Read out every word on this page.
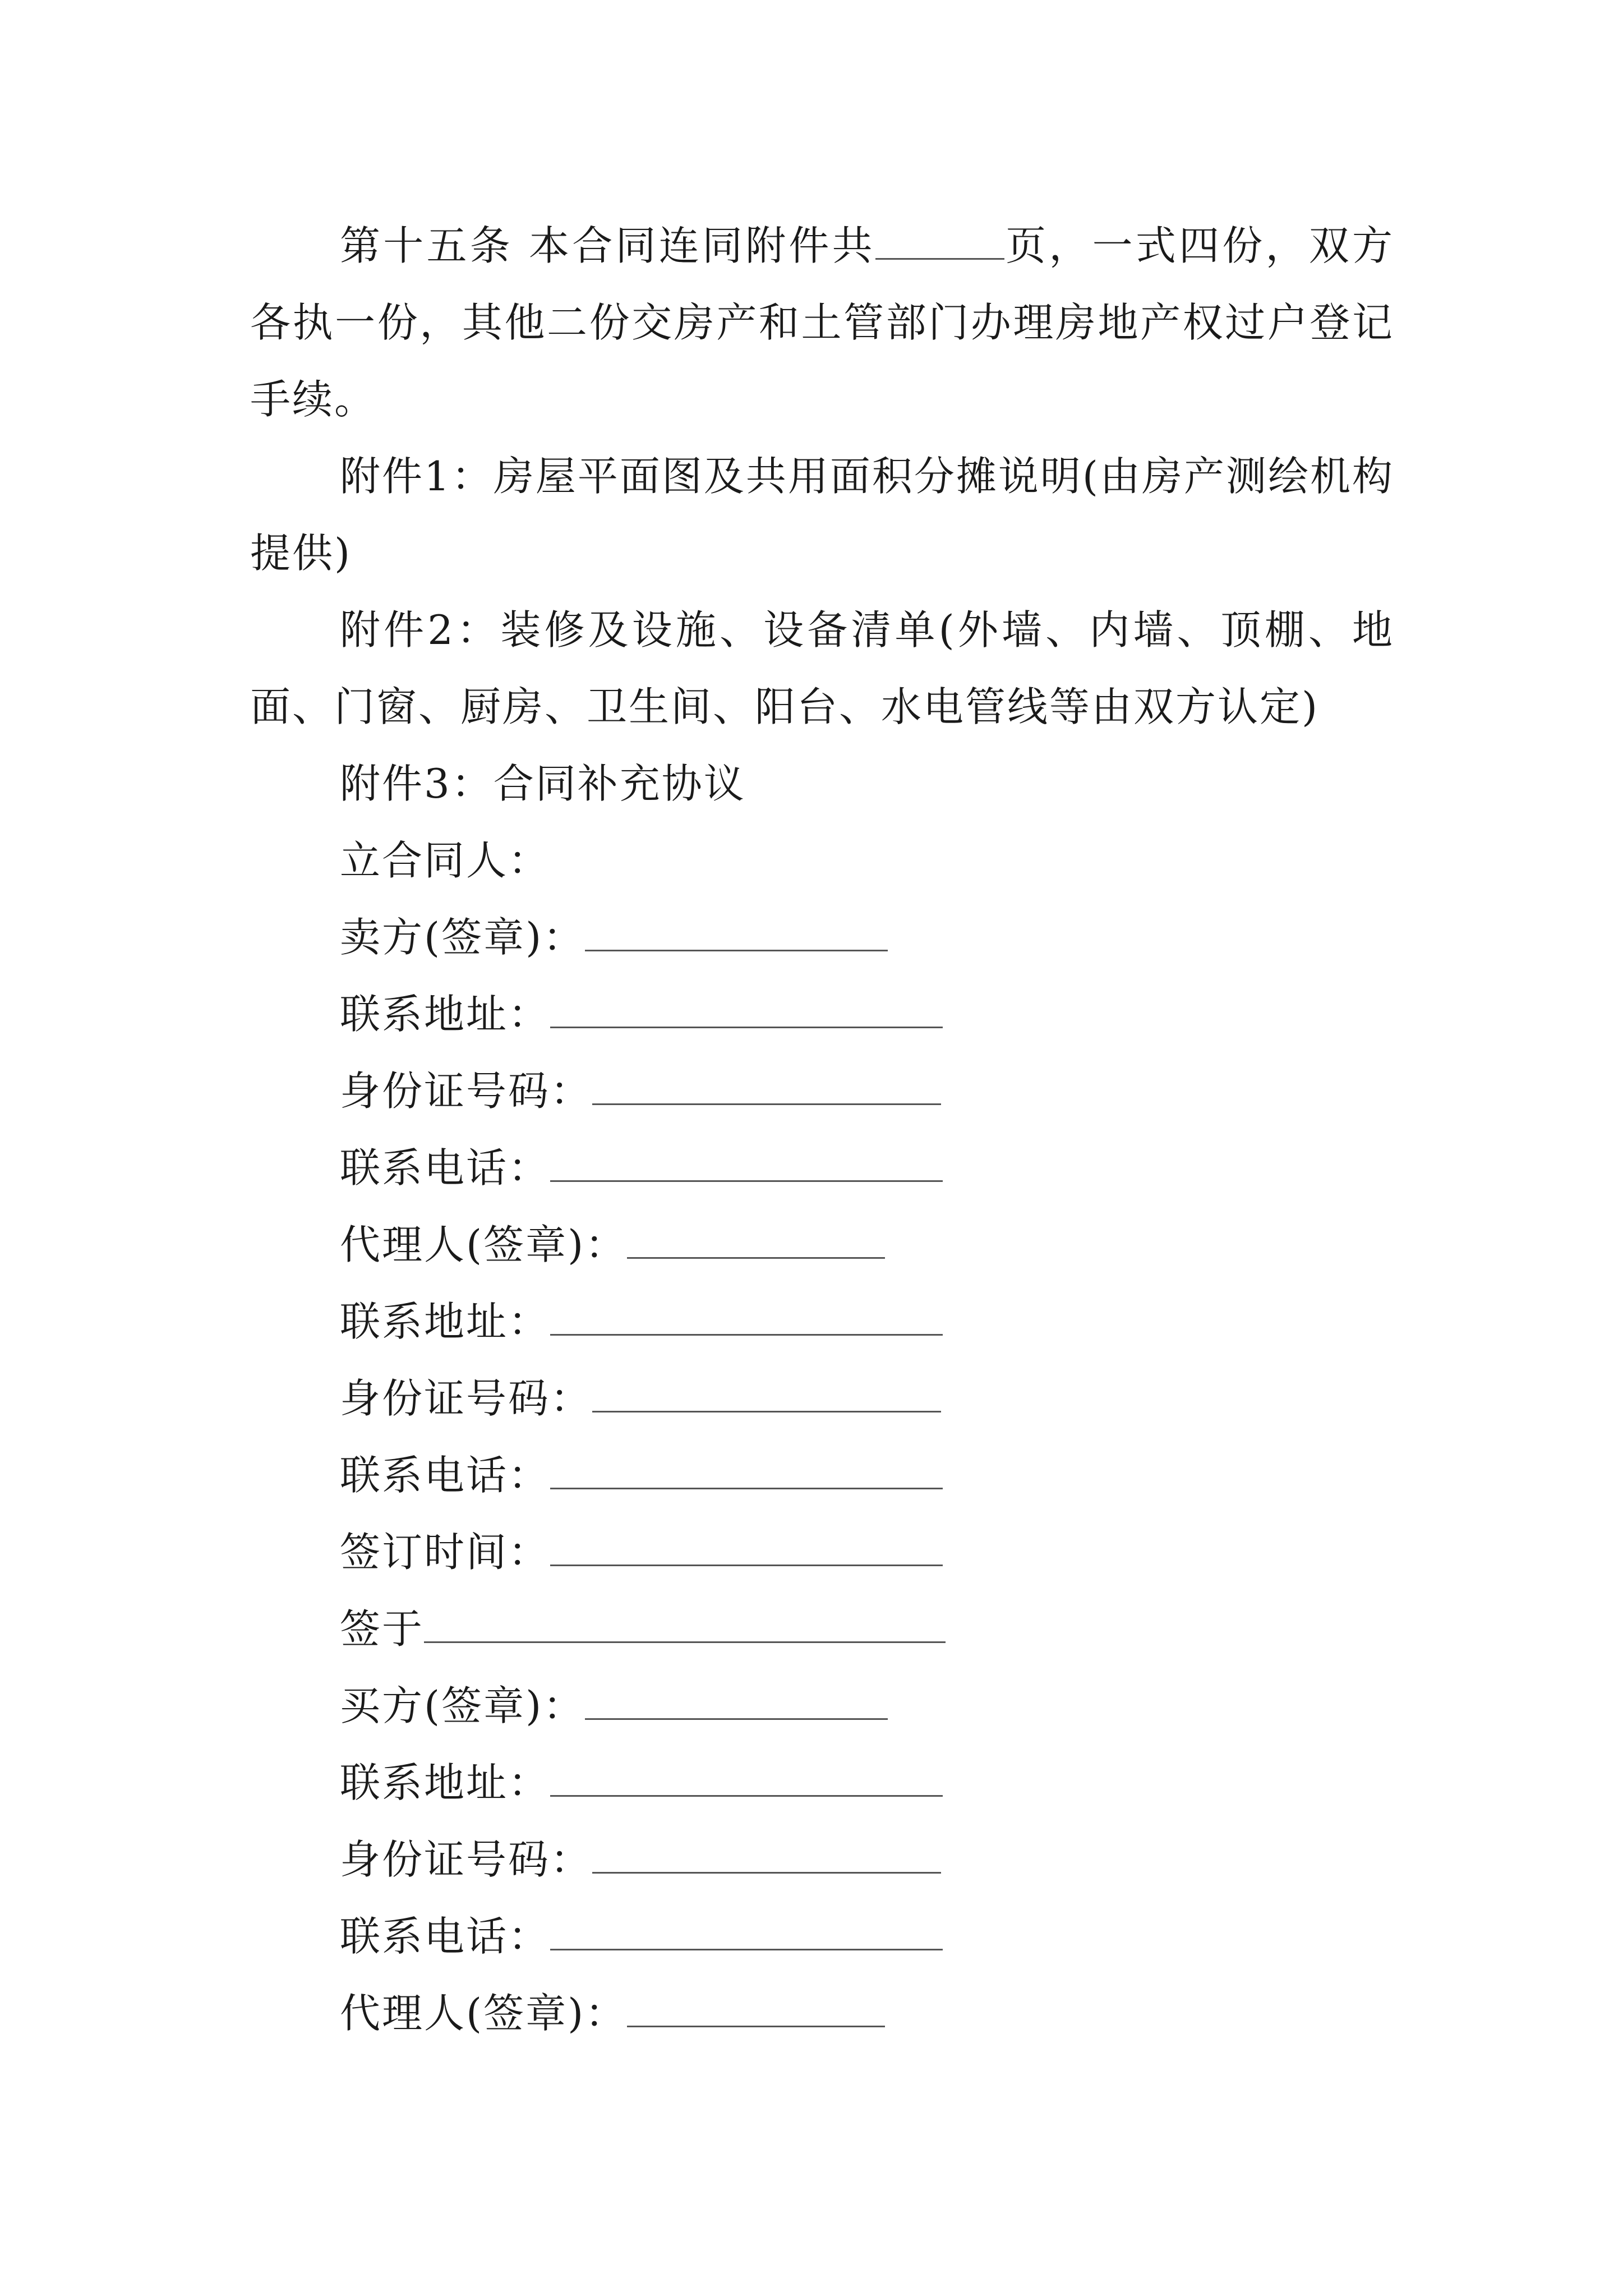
第十五条 本合同连同附件共	页，一式四份，双方各执一份，其他二份交房产和土管部门办理房地产权过户登记手续。

附件1：房屋平面图及共用面积分摊说明(由房产测绘机构提供)

附件2：装修及设施、设备清单(外墙、内墙、顶棚、地面、门窗、厨房、卫生间、阳台、水电管线等由双方认定)

附件3：合同补充协议

立合同人：
卖方(签章)：
联系地址：
身份证号码：
联系电话：
代理人(签章)：
联系地址：
身份证号码：
联系电话：
签订时间：
签于
买方(签章)：
联系地址：
身份证号码：
联系电话：
代理人(签章)：
